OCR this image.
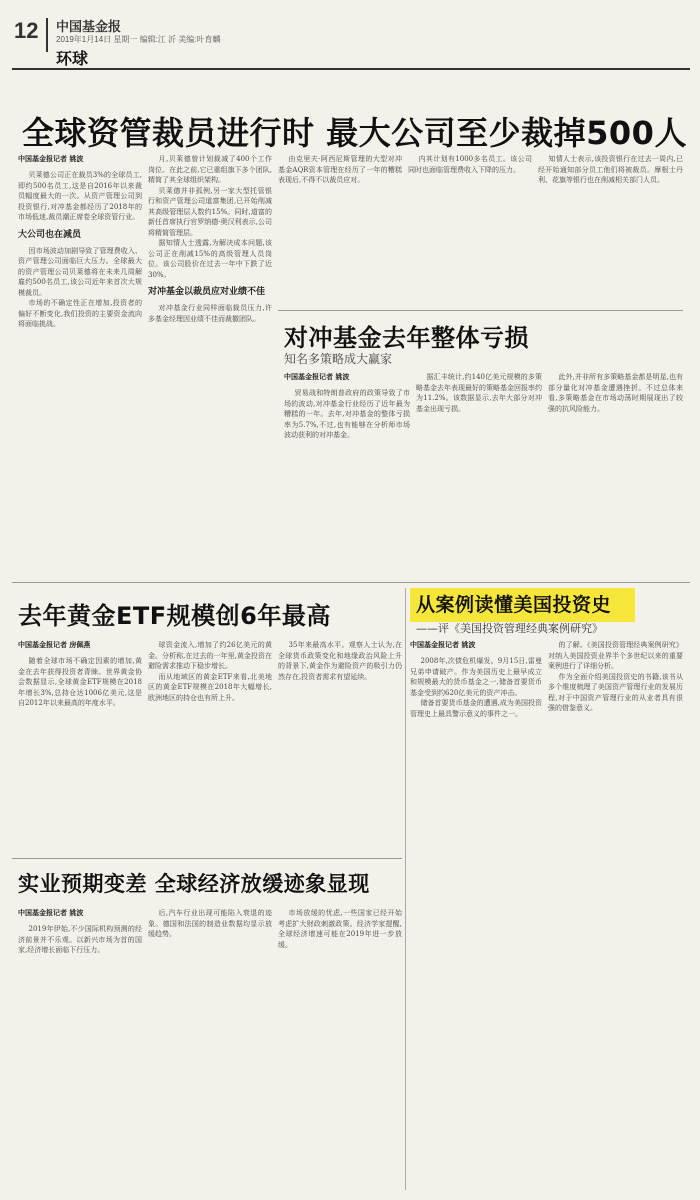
12 中国基金报
2019年1月14日 星期一 编辑:江 沂 美编:叶育麟
环球
全球资管裁员进行时 最大公司至少裁掉500人
中国基金报记者 姚波

贝莱德公司正在裁员3%的全球员工,即约500名员工,这是自2016年以来裁员幅度最大的一次。从资产管理公司到投资银行,对冲基金都经历了2018年的市场低迷,裁员潮正席卷全球资管行业。

大公司也在减员

因市场波动加剧导致了管理费收入、资产管理公司面临巨大压力。全球最大的资产管理公司贝莱德将在未来几周解雇约500名员工,该公司近年来首次大规模裁员。

市场的不确定性正在增加,投资者的偏好不断变化,我们投资的主要资金流向将面临挑战。

月,贝莱德曾计划裁减了400个工作岗位。在此之前,它已重组旗下多个团队,精简了其全球组织架构。

贝莱德并非孤例,另一家大型托管银行和资产管理公司道富集团,已开始削减其高级管理层人数约15%。同时,道富的新任首席执行官罗纳德·奥汉利表示,公司将精简管理层。

据知情人士透露,为解决成本问题,该公司正在削减15%的高级管理人员岗位。该公司股价在过去一年中下跌了近30%。

对冲基金以裁员应对业绩不佳

对冲基金行业同样面临裁员压力,许多基金经理因业绩不佳而裁撤团队。

由克里夫·阿西尼斯管理的大型对冲基金AQR资本管理在经历了一年的糟糕表现后,不得不以裁员应对。

内其计划有1000多名员工。该公司同时也面临管理费收入下降的压力。

知情人士表示,该投资银行在过去一周内,已经开始通知部分员工他们将被裁员。摩根士丹利、花旗等银行也在削减相关部门人员。

对冲基金去年整体亏损
知名多策略成大赢家
中国基金报记者 姚波

贸易战和特朗普政府的政策导致了市场的波动,对冲基金行业经历了近年最为糟糕的一年。去年,对冲基金的整体亏损率为5.7%,不过,也有能够在分析师市场波动获利的对冲基金。

据汇丰统计,约140亿美元规模的多策略基金去年表现最好的策略基金回报率约为11.2%。该数据显示,去年大部分对冲基金出现亏损。

此外,并非所有多策略基金都是明星,也有部分量化对冲基金遭遇挫折。不过总体来看,多策略基金在市场动荡时期展现出了较强的抗风险能力。

去年黄金ETF规模创6年最高
中国基金报记者 房佩燕

随着全球市场不确定因素的增加,黄金在去年获得投资者青睐。世界黄金协会数据显示,全球黄金ETF规模在2018年增长3%,总持仓达1006亿美元,这是自2012年以来最高的年度水平。

球资金流入,增加了约26亿美元的黄金。分析称,在过去的一年里,黄金投资在避险需求推动下稳步增长。

而从地域区的黄金ETF来看,北美地区的黄金ETF规模在2018年大幅增长,欧洲地区的持仓也有所上升。

35年来最高水平。观察人士认为,在全球货币政策变化和地缘政治风险上升的背景下,黄金作为避险资产的吸引力仍然存在,投资者需求有望延续。

实业预期变差 全球经济放缓迹象显现
中国基金报记者 姚波

2019年伊始,不少国际机构预测的经济前景并不乐观。以新兴市场为首的国家,经济增长面临下行压力。

后,汽车行业出现可能陷入衰退的迹象。德国和法国的制造业数据均显示放缓趋势。

市场放缓的忧虑,一些国家已经开始考虑扩大财政刺激政策。经济学家提醒,全球经济增速可能在2019年进一步放缓。

从案例读懂美国投资史
——评《美国投资管理经典案例研究》
中国基金报记者 姚波

2008年,次债危机爆发。9月15日,雷曼兄弟申请破产。作为美国历史上最早成立和规模最大的货币基金之一,储备首要货币基金受到约620亿美元的资产冲击。

储备首要货币基金的遭遇,成为美国投资管理史上最具警示意义的事件之一。

的了解。《美国投资管理经典案例研究》对纳入美国投资业界半个多世纪以来的重要案例进行了详细分析。

作为全面介绍美国投资史的书籍,该书从多个维度梳理了美国资产管理行业的发展历程,对于中国资产管理行业的从业者具有很强的借鉴意义。
